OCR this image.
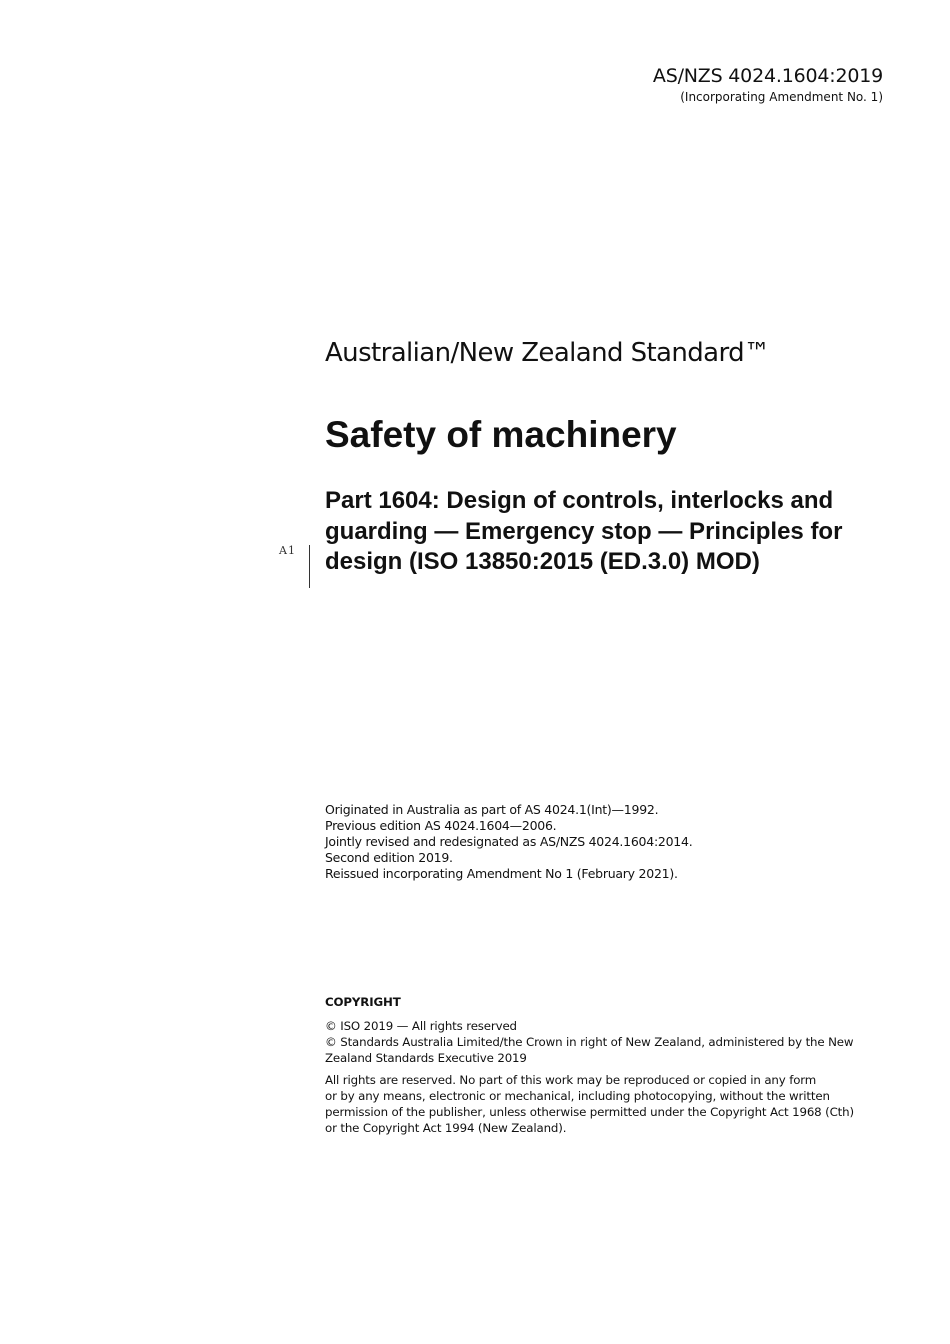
AS/NZS 4024.1604:2019
(Incorporating Amendment No. 1)
Australian/New Zealand Standard™
Safety of machinery
Part 1604: Design of controls, interlocks and
guarding — Emergency stop — Principles for
design (ISO 13850:2015 (ED.3.0) MOD)
A1
Originated in Australia as part of AS 4024.1(Int)—1992.
Previous edition AS 4024.1604—2006.
Jointly revised and redesignated as AS/NZS 4024.1604:2014.
Second edition 2019.
Reissued incorporating Amendment No 1 (February 2021).
COPYRIGHT
© ISO 2019 — All rights reserved
© Standards Australia Limited/the Crown in right of New Zealand, administered by the New
Zealand Standards Executive 2019
All rights are reserved. No part of this work may be reproduced or copied in any form
or by any means, electronic or mechanical, including photocopying, without the written
permission of the publisher, unless otherwise permitted under the Copyright Act 1968 (Cth)
or the Copyright Act 1994 (New Zealand).
